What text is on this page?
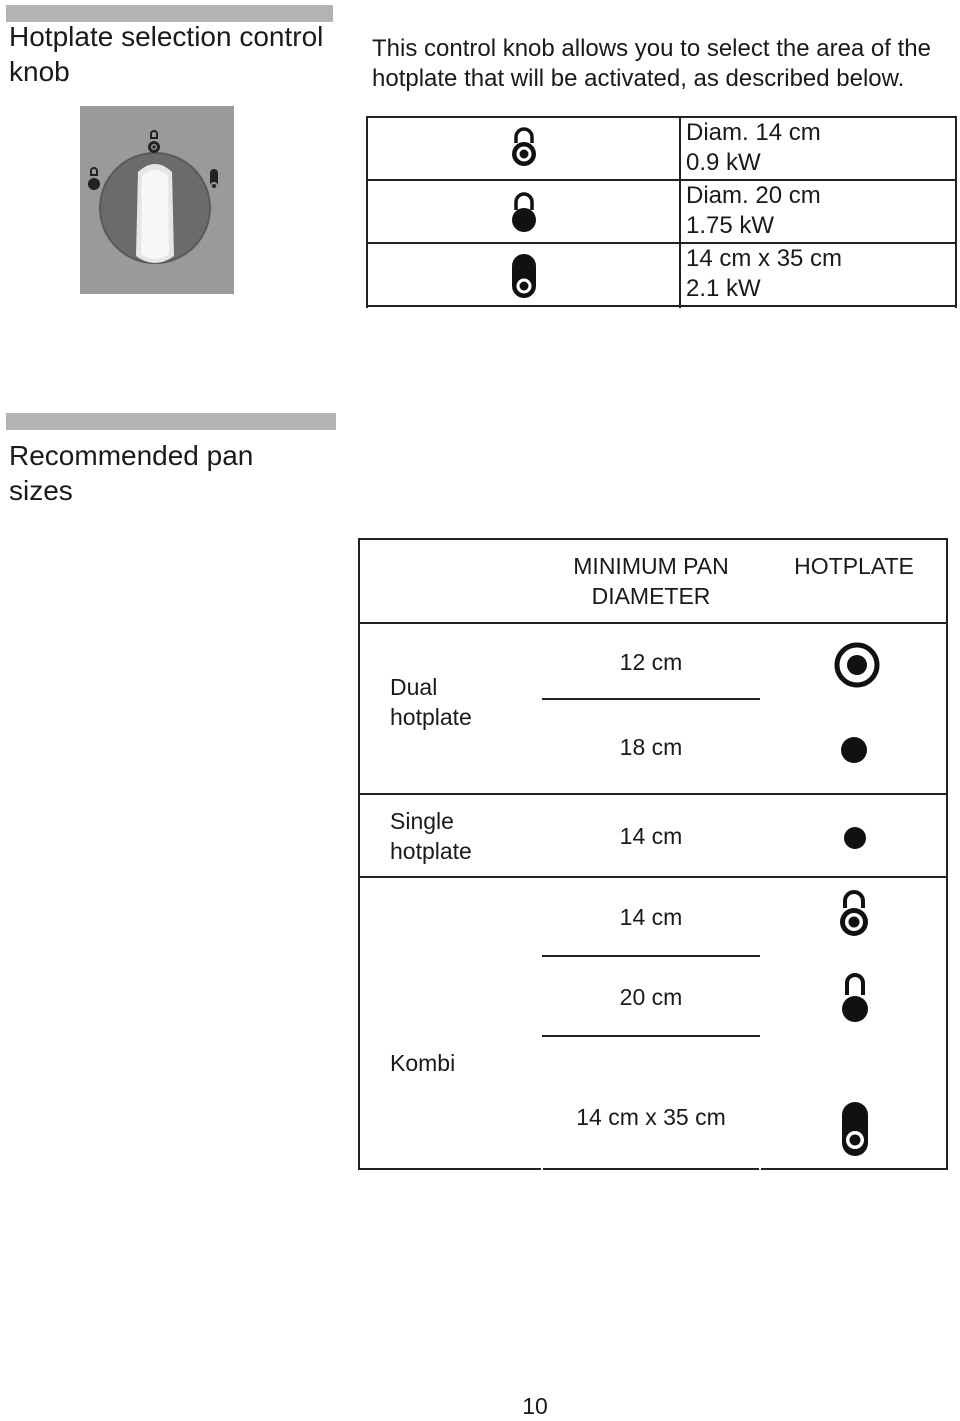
Hotplate selection control
knob
This control knob allows you to select the area of the
hotplate that will be activated, as described below.
Diam. 14 cm
0.9 kW
Diam. 20 cm
1.75 kW
14 cm x 35 cm
2.1 kW
Recommended pan
sizes
MINIMUM PAN
DIAMETER
HOTPLATE
Dual
hotplate
12 cm
18 cm
Single
hotplate
14 cm
Kombi
14 cm
20 cm
14 cm x 35 cm
10
